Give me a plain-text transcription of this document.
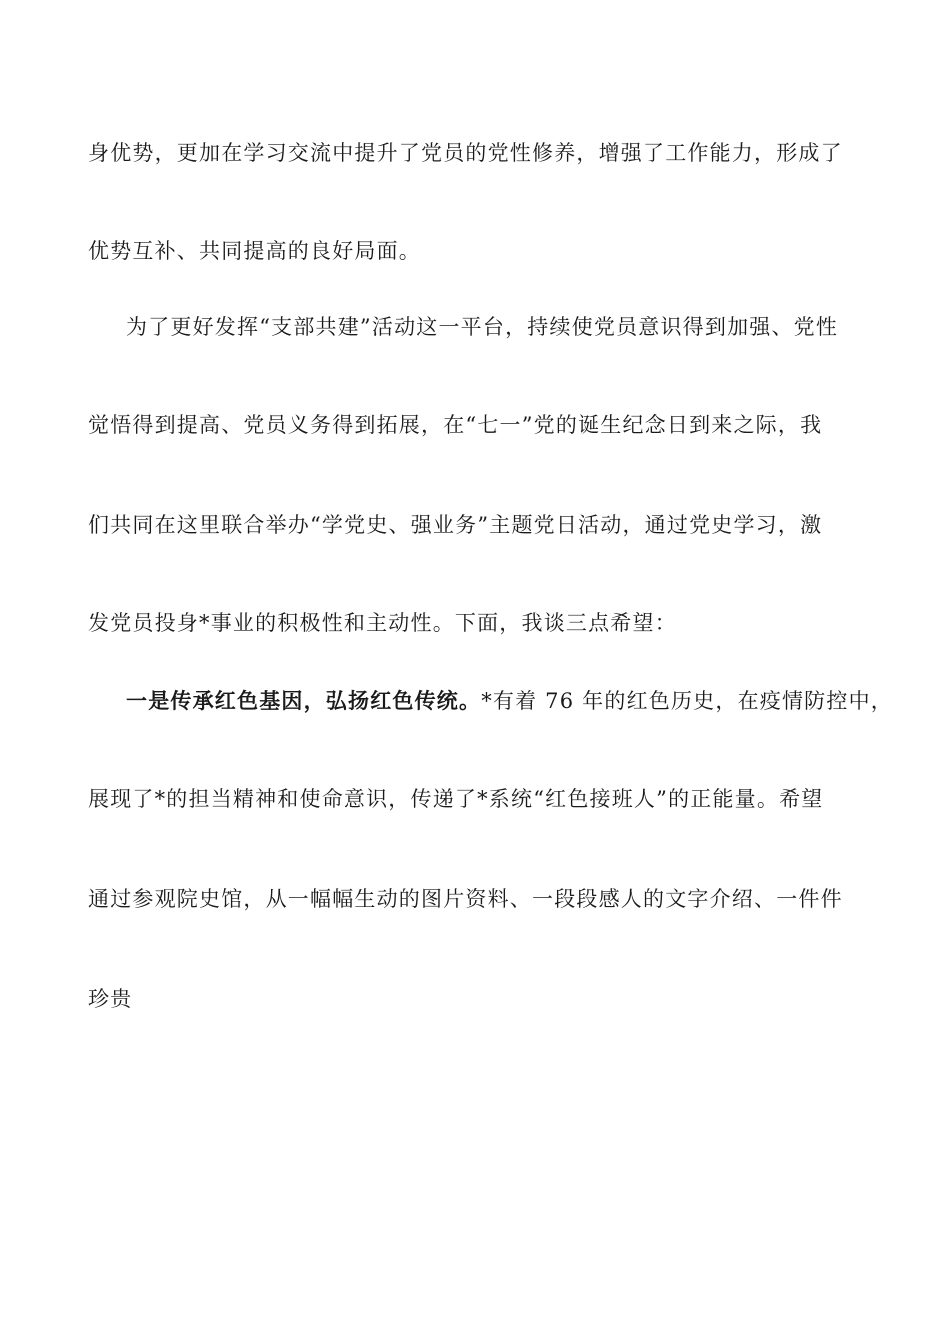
身优势，更加在学习交流中提升了党员的党性修养，增强了工作能力，形成了
优势互补、共同提高的良好局面。
为了更好发挥“支部共建”活动这一平台，持续使党员意识得到加强、党性
觉悟得到提高、党员义务得到拓展，在“七一”党的诞生纪念日到来之际，我
们共同在这里联合举办“学党史、强业务”主题党日活动，通过党史学习，激
发党员投身*事业的积极性和主动性。下面，我谈三点希望：
一是传承红色基因，弘扬红色传统。*有着 76 年的红色历史，在疫情防控中，
展现了*的担当精神和使命意识，传递了*系统“红色接班人”的正能量。希望
通过参观院史馆，从一幅幅生动的图片资料、一段段感人的文字介绍、一件件
珍贵
